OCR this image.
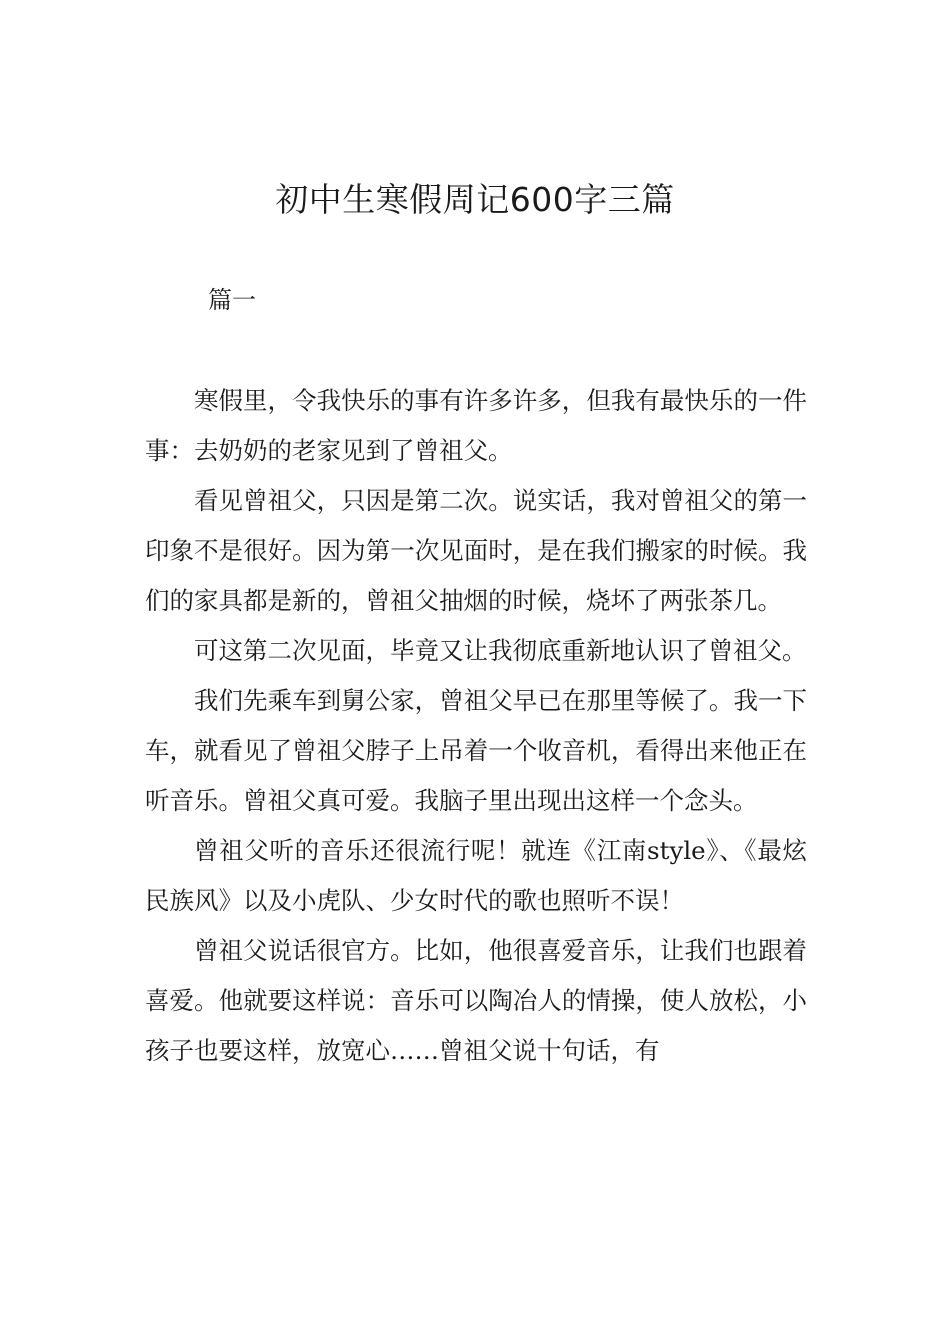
初中生寒假周记600字三篇
篇一

寒假里，令我快乐的事有许多许多，但我有最快乐的一件事：去奶奶的老家见到了曾祖父。

看见曾祖父，只因是第二次。说实话，我对曾祖父的第一印象不是很好。因为第一次见面时，是在我们搬家的时候。我们的家具都是新的，曾祖父抽烟的时候，烧坏了两张茶几。

可这第二次见面，毕竟又让我彻底重新地认识了曾祖父。

我们先乘车到舅公家，曾祖父早已在那里等候了。我一下车，就看见了曾祖父脖子上吊着一个收音机，看得出来他正在听音乐。曾祖父真可爱。我脑子里出现出这样一个念头。

曾祖父听的音乐还很流行呢！就连《江南style》、《最炫民族风》以及小虎队、少女时代的歌也照听不误！

曾祖父说话很官方。比如，他很喜爱音乐，让我们也跟着喜爱。他就要这样说：音乐可以陶冶人的情操，使人放松，小孩子也要这样，放宽心……曾祖父说十句话，有
